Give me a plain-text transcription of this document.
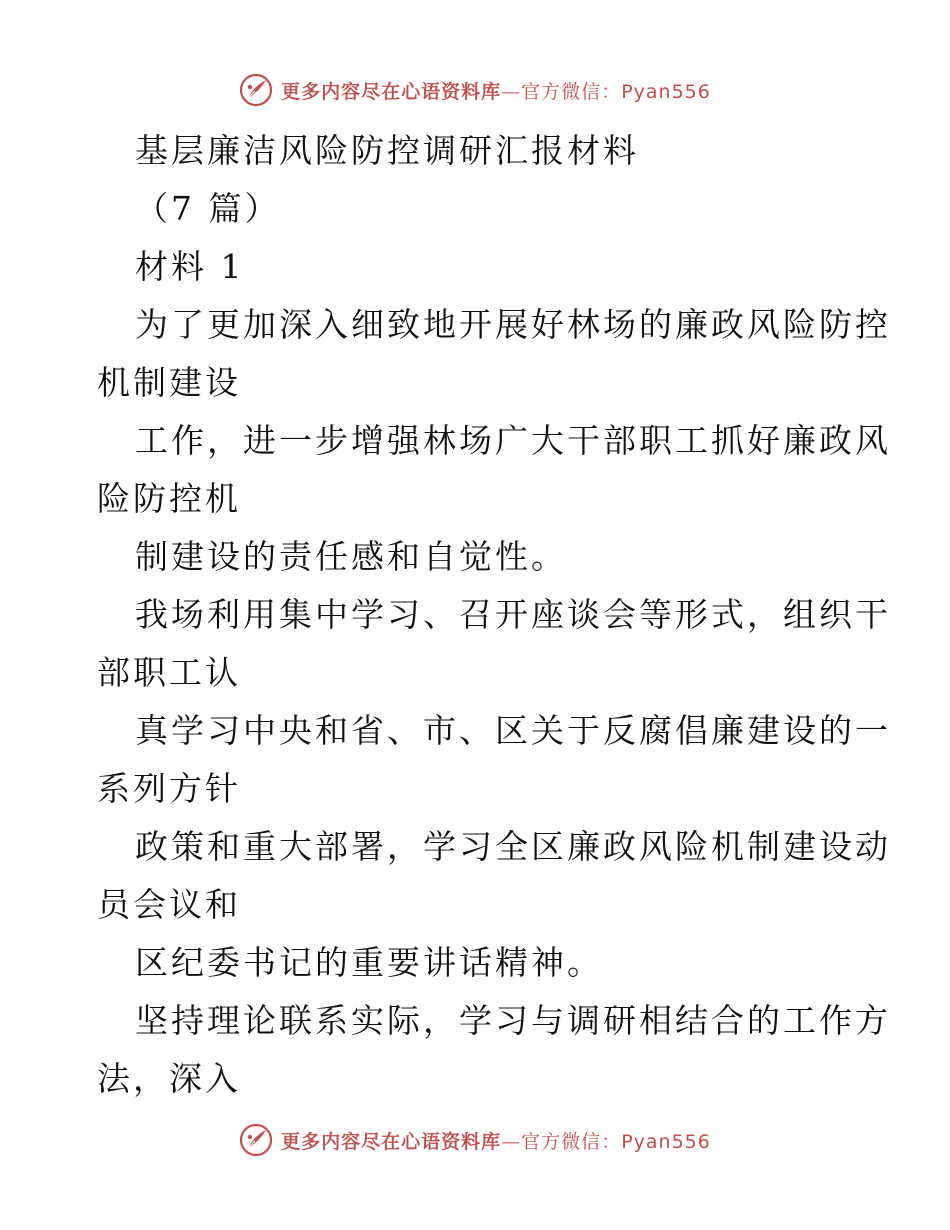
更多内容尽在心语资料库—官方微信：Pyan556
基层廉洁风险防控调研汇报材料
（7 篇）
材料 1
为了更加深入细致地开展好林场的廉政风险防控
机制建设
工作，进一步增强林场广大干部职工抓好廉政风
险防控机
制建设的责任感和自觉性。
我场利用集中学习、召开座谈会等形式，组织干
部职工认
真学习中央和省、市、区关于反腐倡廉建设的一
系列方针
政策和重大部署，学习全区廉政风险机制建设动
员会议和
区纪委书记的重要讲话精神。
坚持理论联系实际，学习与调研相结合的工作方
法，深入
更多内容尽在心语资料库—官方微信：Pyan556
